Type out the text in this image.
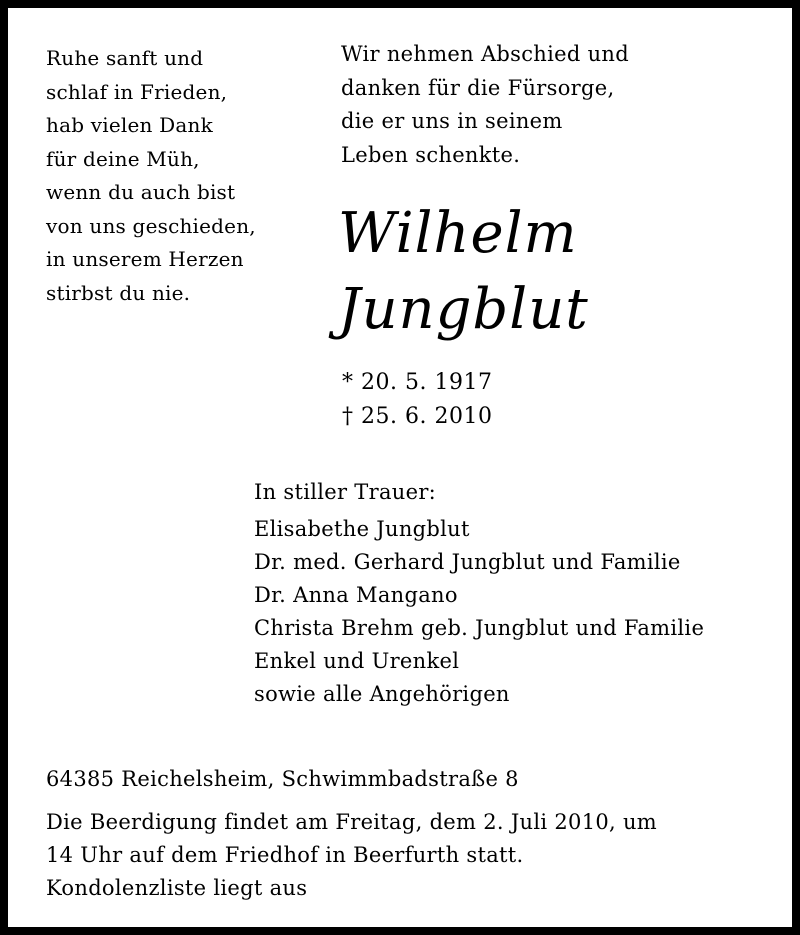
Ruhe sanft und
schlaf in Frieden,
hab vielen Dank
für deine Müh,
wenn du auch bist
von uns geschieden,
in unserem Herzen
stirbst du nie.
Wir nehmen Abschied und
danken für die Fürsorge,
die er uns in seinem
Leben schenkte.
Wilhelm
Jungblut
* 20. 5. 1917
† 25. 6. 2010
In stiller Trauer:
Elisabethe Jungblut
Dr. med. Gerhard Jungblut und Familie
Dr. Anna Mangano
Christa Brehm geb. Jungblut und Familie
Enkel und Urenkel
sowie alle Angehörigen
64385 Reichelsheim, Schwimmbadstraße 8
Die Beerdigung findet am Freitag, dem 2. Juli 2010, um
14 Uhr auf dem Friedhof in Beerfurth statt.
Kondolenzliste liegt aus
